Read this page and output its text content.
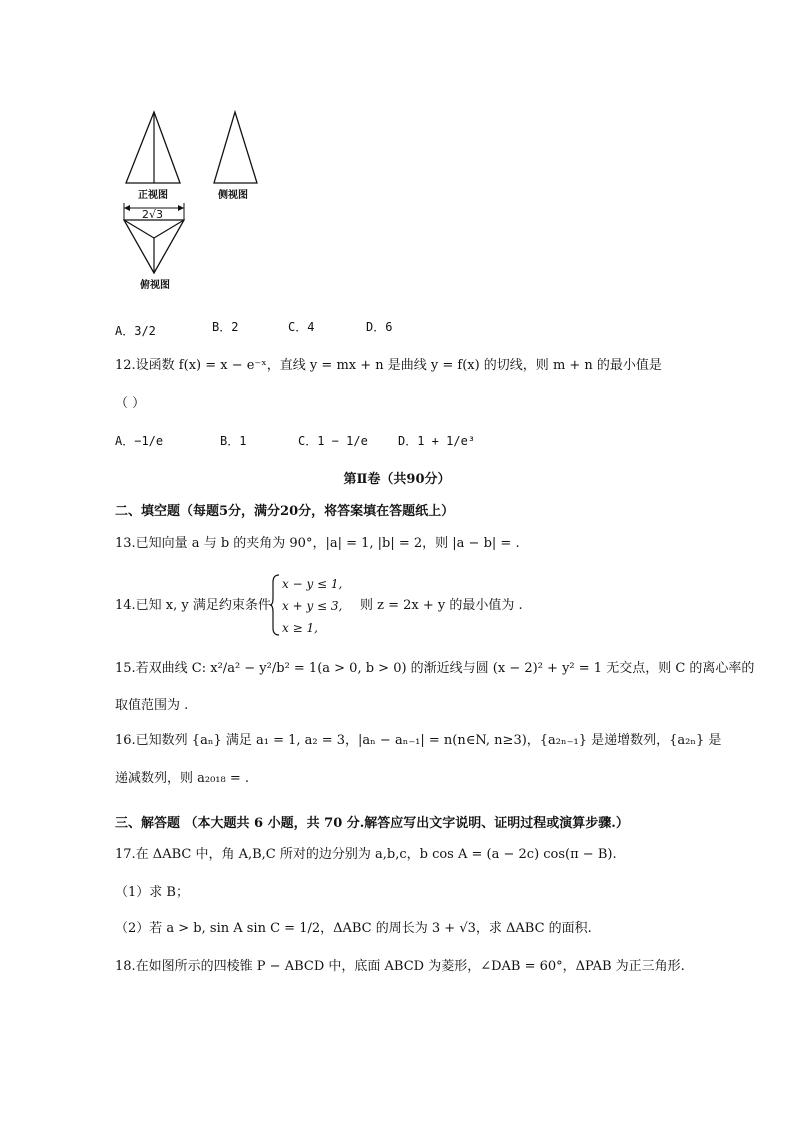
正视图	侧视图
2√3
俯视图
A．3/2	B．2	C．4	D．6
12.设函数 f(x) = x − e⁻ˣ，直线 y = mx + n 是曲线 y = f(x) 的切线，则 m + n 的最小值是
（ ）
A．−1/e	B．1	C．1 − 1/e	D．1 + 1/e³
第Ⅱ卷（共90分）
二、填空题（每题5分，满分20分，将答案填在答题纸上）
13.已知向量 a 与 b 的夹角为 90°，|a| = 1, |b| = 2，则 |a − b| = .
14.已知 x, y 满足约束条件
x − y ≤ 1,
x + y ≤ 3,
x ≥ 1,
则 z = 2x + y 的最小值为 .
15.若双曲线 C: x²/a² − y²/b² = 1(a > 0, b > 0) 的渐近线与圆 (x − 2)² + y² = 1 无交点，则 C 的离心率的
取值范围为 .
16.已知数列 {aₙ} 满足 a₁ = 1, a₂ = 3，|aₙ − aₙ₋₁| = n(n∈N, n≥3)，{a₂ₙ₋₁} 是递增数列，{a₂ₙ} 是
递减数列，则 a₂₀₁₈ = .
三、解答题 （本大题共 6 小题，共 70 分.解答应写出文字说明、证明过程或演算步骤.）
17.在 ΔABC 中，角 A,B,C 所对的边分别为 a,b,c，b cos A = (a − 2c) cos(π − B).
（1）求 B；
（2）若 a > b, sin A sin C = 1/2，ΔABC 的周长为 3 + √3，求 ΔABC 的面积.
18.在如图所示的四棱锥 P − ABCD 中，底面 ABCD 为菱形，∠DAB = 60°，ΔPAB 为正三角形.
